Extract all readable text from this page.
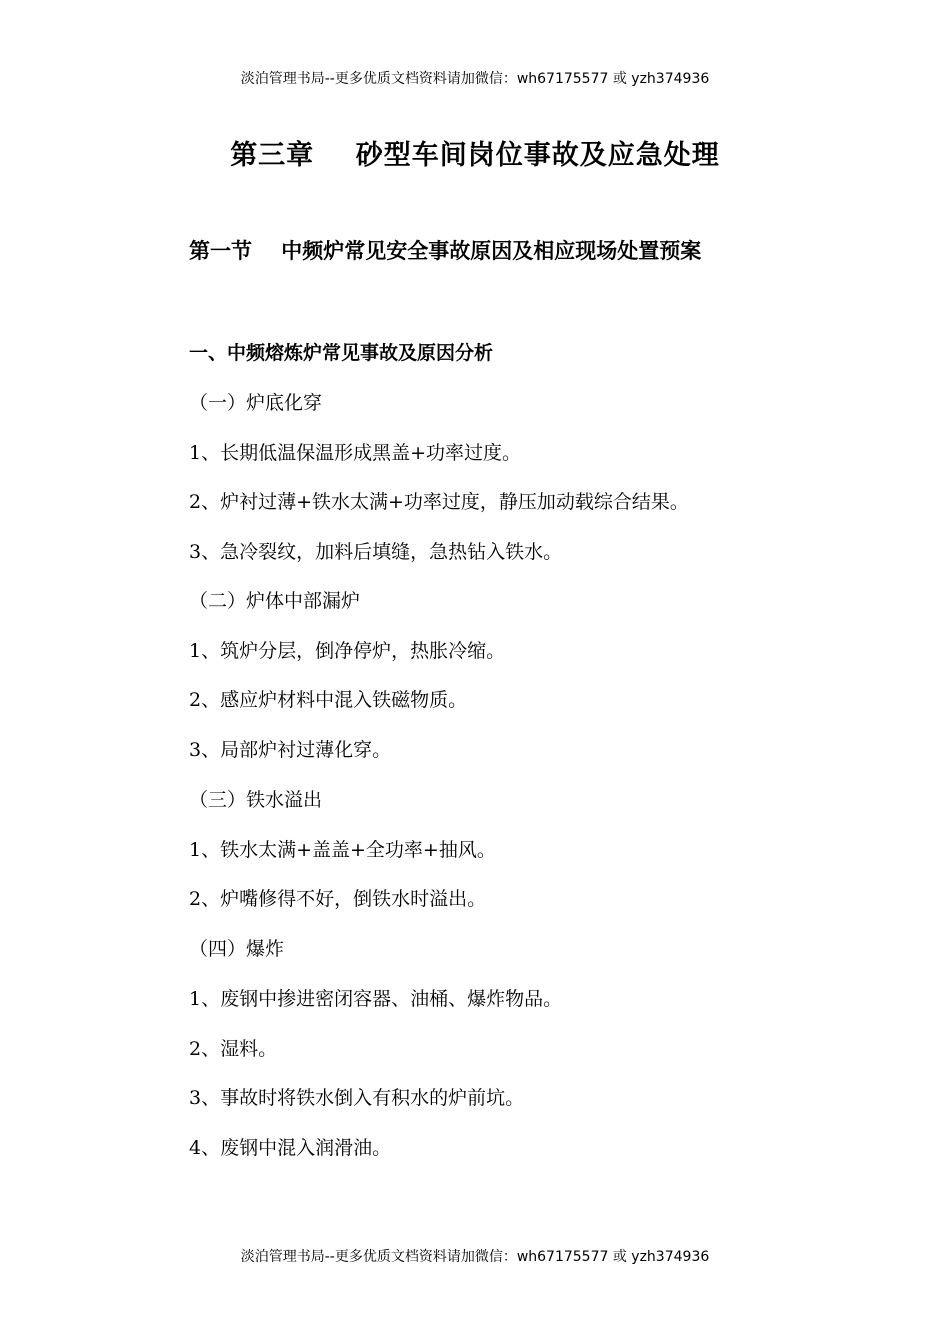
淡泊管理书局--更多优质文档资料请加微信：wh67175577 或 yzh374936
第三章    砂型车间岗位事故及应急处理
第一节    中频炉常见安全事故原因及相应现场处置预案
一、中频熔炼炉常见事故及原因分析
（一）炉底化穿
1、长期低温保温形成黑盖+功率过度。
2、炉衬过薄+铁水太满+功率过度，静压加动载综合结果。
3、急冷裂纹，加料后填缝，急热钻入铁水。
（二）炉体中部漏炉
1、筑炉分层，倒净停炉，热胀冷缩。
2、感应炉材料中混入铁磁物质。
3、局部炉衬过薄化穿。
（三）铁水溢出
1、铁水太满+盖盖+全功率+抽风。
2、炉嘴修得不好，倒铁水时溢出。
（四）爆炸
1、废钢中掺进密闭容器、油桶、爆炸物品。
2、湿料。
3、事故时将铁水倒入有积水的炉前坑。
4、废钢中混入润滑油。
淡泊管理书局--更多优质文档资料请加微信：wh67175577 或 yzh374936
